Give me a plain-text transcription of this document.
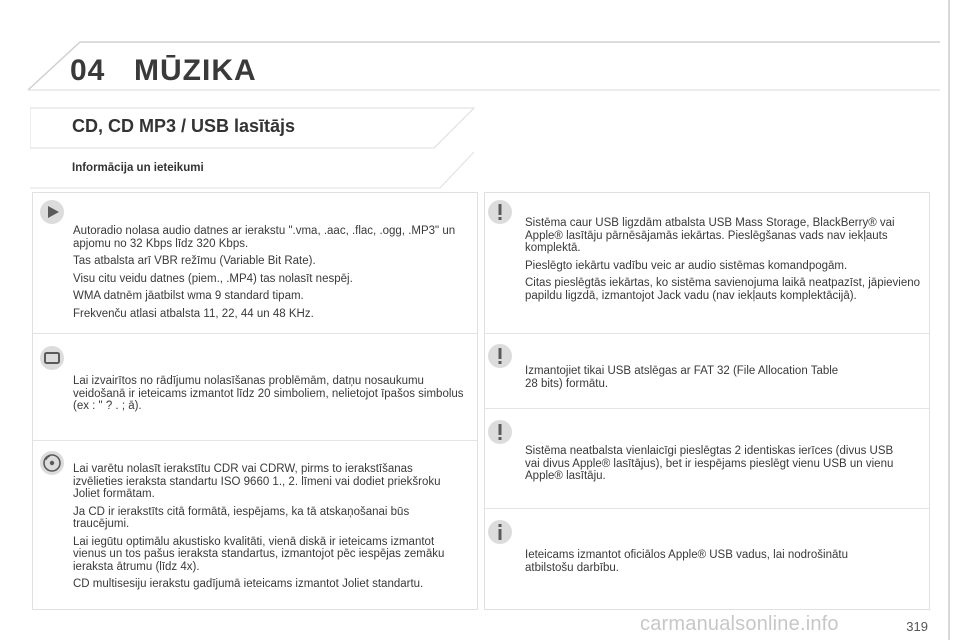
04 MŪZIKA
CD, CD MP3 / USB lasītājs
Informācija un ieteikumi

Autoradio nolasa audio datnes ar ierakstu ".vma, .aac, .flac, .ogg, .MP3" un apjomu no 32 Kbps līdz 320 Kbps.

Tas atbalsta arī VBR režīmu (Variable Bit Rate).

Visu citu veidu datnes (piem., .MP4) tas nolasīt nespēj.

WMA datnēm jāatbilst wma 9 standard tipam.

Frekvenču atlasi atbalsta 11, 22, 44 un 48 KHz.

Lai izvairītos no rādījumu nolasīšanas problēmām, datņu nosaukumu veidošanā ir ieteicams izmantot līdz 20 simboliem, nelietojot īpašos simbolus (ex : " ? . ; ā).

Lai varētu nolasīt ierakstītu CDR vai CDRW, pirms to ierakstīšanas izvēlieties ieraksta standartu ISO 9660 1., 2. līmeni vai dodiet priekšroku Joliet formātam.

Ja CD ir ierakstīts citā formātā, iespējams, ka tā atskaņošanai būs traucējumi.

Lai iegūtu optimālu akustisko kvalitāti, vienā diskā ir ieteicams izmantot vienus un tos pašus ieraksta standartus, izmantojot pēc iespējas zemāku ieraksta ātrumu (līdz 4x).

CD multisesiju ierakstu gadījumā ieteicams izmantot Joliet standartu.

Sistēma caur USB ligzdām atbalsta USB Mass Storage, BlackBerry® vai Apple® lasītāju pārnēsājamās iekārtas. Pieslēgšanas vads nav iekļauts komplektā.

Pieslēgto iekārtu vadību veic ar audio sistēmas komandpogām.

Citas pieslēgtās iekārtas, ko sistēma savienojuma laikā neatpazīst, jāpievieno papildu ligzdā, izmantojot Jack vadu (nav iekļauts komplektācijā).

Izmantojiet tikai USB atslēgas ar FAT 32 (File Allocation Table 28 bits) formātu.

Sistēma neatbalsta vienlaicīgi pieslēgtas 2 identiskas ierīces (divus USB vai divus Apple® lasītājus), bet ir iespējams pieslēgt vienu USB un vienu Apple® lasītāju.

Ieteicams izmantot oficiālos Apple® USB vadus, lai nodrošinātu atbilstošu darbību.

carmanualsonline.info	319
